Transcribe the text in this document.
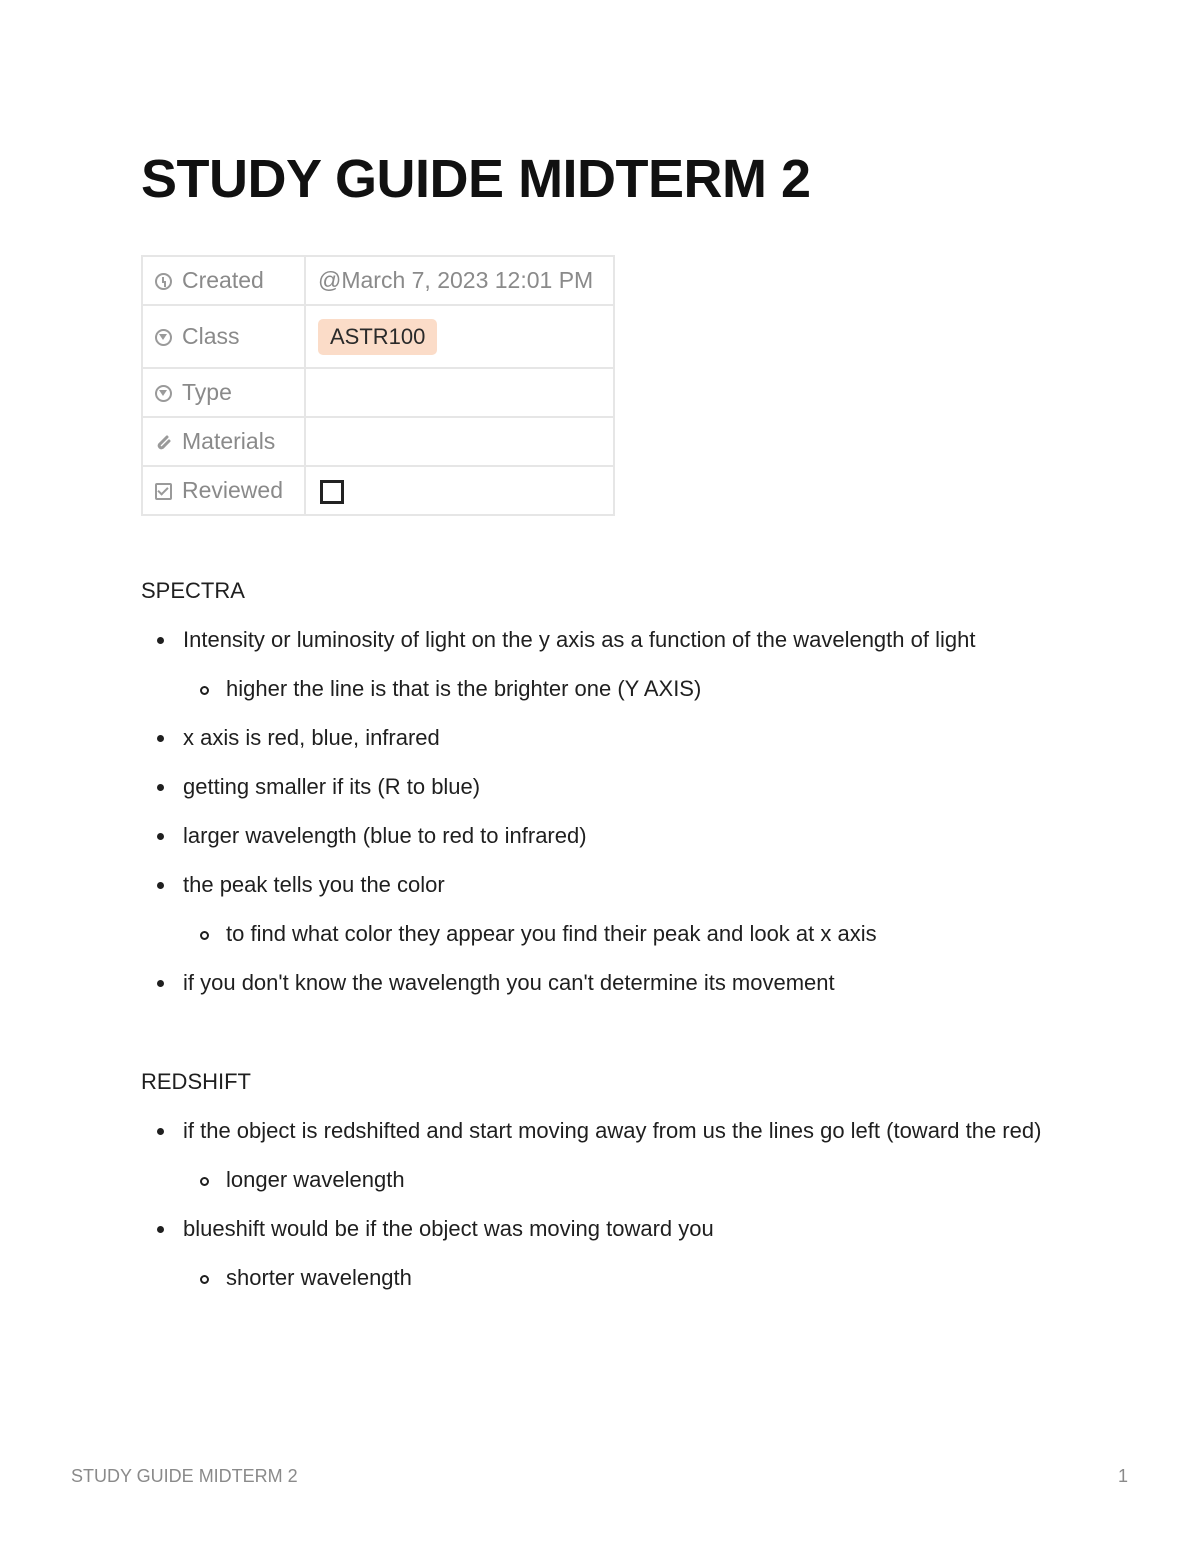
STUDY GUIDE MIDTERM 2
Created	@March 7, 2023 12:01 PM
Class	ASTR100
Type	
Materials	
Reviewed	
SPECTRA
Intensity or luminosity of light on the y axis as a function of the wavelength of light
higher the line is that is the brighter one (Y AXIS)
x axis is red, blue, infrared
getting smaller if its (R to blue)
larger wavelength (blue to red to infrared)
the peak tells you the color
to find what color they appear you find their peak and look at x axis
if you don't know the wavelength you can't determine its movement
REDSHIFT
if the object is redshifted and start moving away from us the lines go left (toward the red)
longer wavelength
blueshift would be if the object was moving toward you
shorter wavelength
STUDY GUIDE MIDTERM 2	1
